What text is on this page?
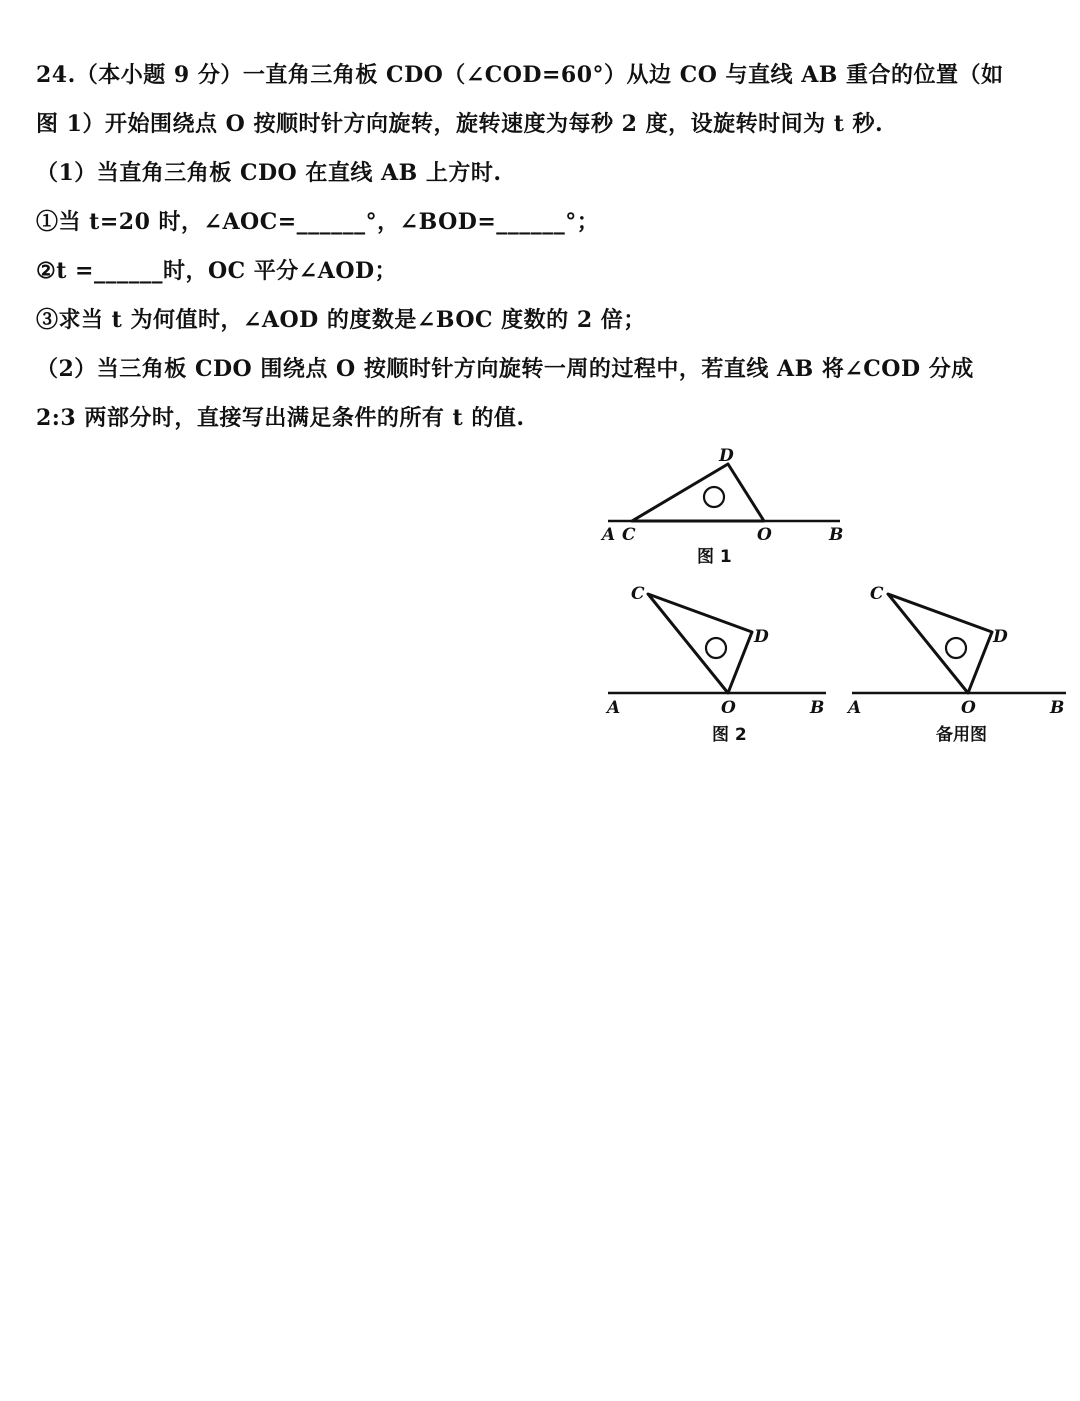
24.（本小题 9 分）一直角三角板 CDO（∠COD=60°）从边 CO 与直线 AB 重合的位置（如
图 1）开始围绕点 O 按顺时针方向旋转，旋转速度为每秒 2 度，设旋转时间为 t 秒.
（1）当直角三角板 CDO 在直线 AB 上方时.
①当 t=20 时，∠AOC=______°，∠BOD=______°；
②t =______时，OC 平分∠AOD；
③求当 t 为何值时，∠AOD 的度数是∠BOC 度数的 2 倍；
（2）当三角板 CDO 围绕点 O 按顺时针方向旋转一周的过程中，若直线 AB 将∠COD 分成
2:3 两部分时，直接写出满足条件的所有 t 的值.
A C	O	B
D
图 1
A	O	B
C
D
图 2
A	O	B
C
D
备用图
